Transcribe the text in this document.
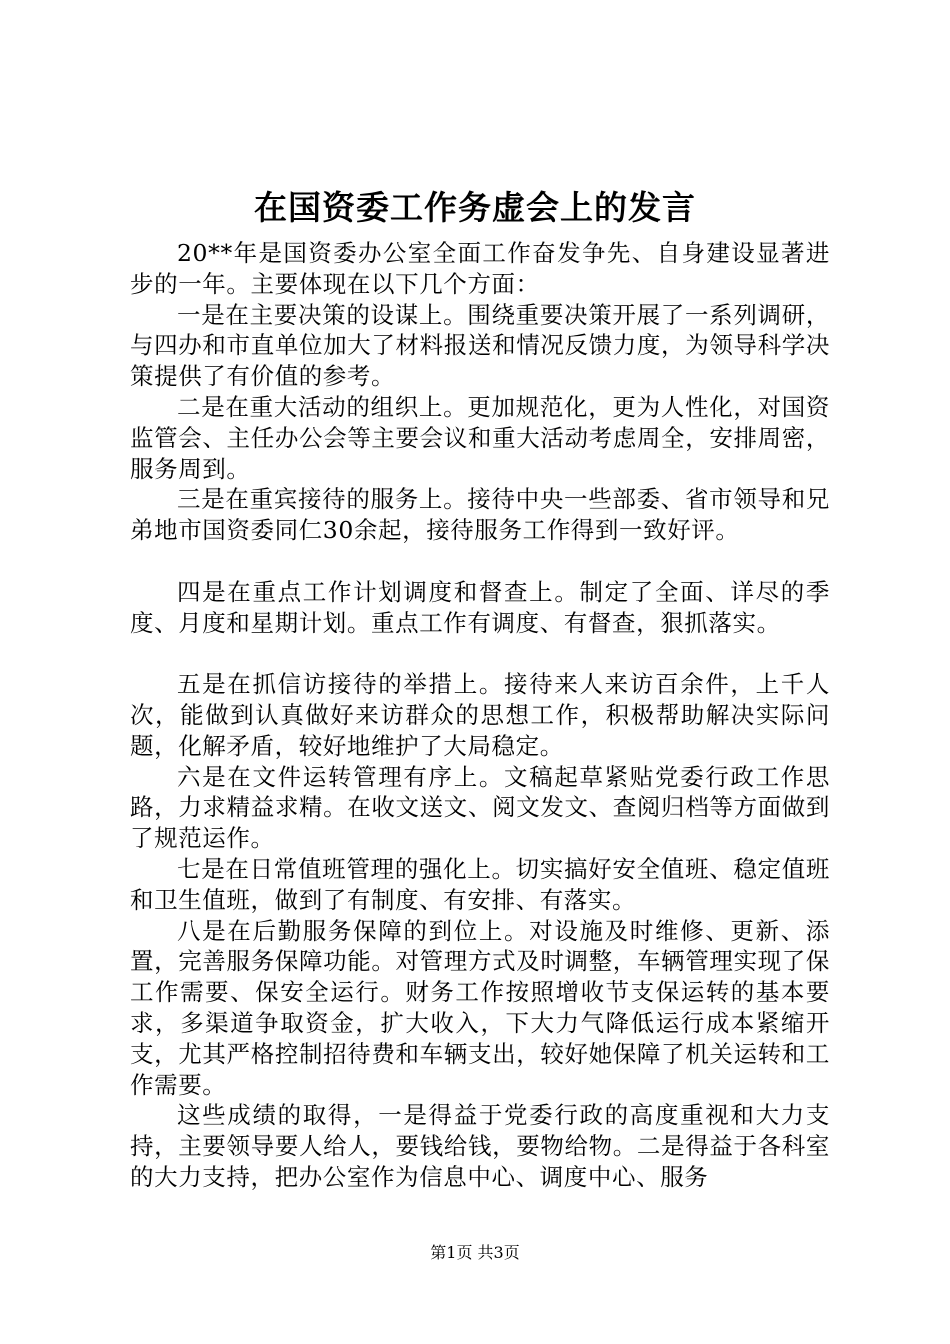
在国资委工作务虚会上的发言

20**年是国资委办公室全面工作奋发争先、自身建设显著进步的一年。主要体现在以下几个方面：

一是在主要决策的设谋上。围绕重要决策开展了一系列调研，与四办和市直单位加大了材料报送和情况反馈力度，为领导科学决策提供了有价值的参考。

二是在重大活动的组织上。更加规范化，更为人性化，对国资监管会、主任办公会等主要会议和重大活动考虑周全，安排周密，服务周到。

三是在重宾接待的服务上。接待中央一些部委、省市领导和兄弟地市国资委同仁30余起，接待服务工作得到一致好评。

四是在重点工作计划调度和督查上。制定了全面、详尽的季度、月度和星期计划。重点工作有调度、有督查，狠抓落实。

五是在抓信访接待的举措上。接待来人来访百余件，上千人次，能做到认真做好来访群众的思想工作，积极帮助解决实际问题，化解矛盾，较好地维护了大局稳定。

六是在文件运转管理有序上。文稿起草紧贴党委行政工作思路，力求精益求精。在收文送文、阅文发文、查阅归档等方面做到了规范运作。

七是在日常值班管理的强化上。切实搞好安全值班、稳定值班和卫生值班，做到了有制度、有安排、有落实。

八是在后勤服务保障的到位上。对设施及时维修、更新、添置，完善服务保障功能。对管理方式及时调整，车辆管理实现了保工作需要、保安全运行。财务工作按照增收节支保运转的基本要求，多渠道争取资金，扩大收入，下大力气降低运行成本紧缩开支，尤其严格控制招待费和车辆支出，较好她保障了机关运转和工作需要。

这些成绩的取得，一是得益于党委行政的高度重视和大力支持，主要领导要人给人，要钱给钱，要物给物。二是得益于各科室的大力支持，把办公室作为信息中心、调度中心、服务

第1页 共3页
